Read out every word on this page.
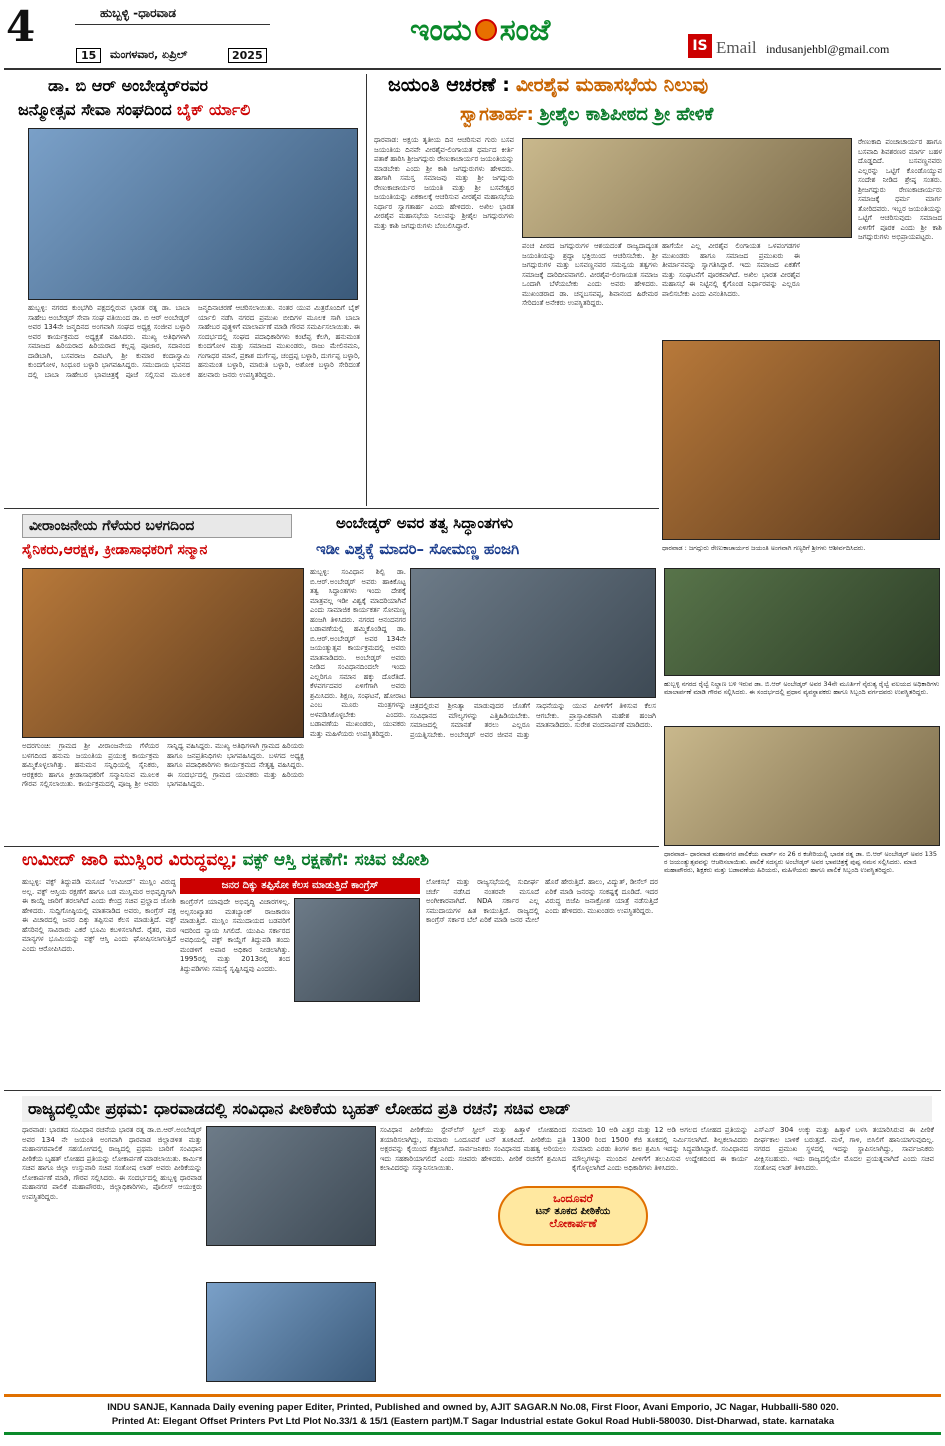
4	ಹುಬ್ಬಳ್ಳಿ -ಧಾರವಾಡ
15	ಮಂಗಳವಾರ, ಏಪ್ರಿಲ್	2025
ಇಂದು ಸಂಜೆ	IS Email indusanjehbl@gmail.com
ಡಾ. ಬಿ ಆರ್ ಅಂಬೇಡ್ಕರ್‌ರವರ
ಜನ್ಮೋತ್ಸವ ಸೇವಾ ಸಂಘದಿಂದ ಬೈಕ್ ರ್ಯಾಲಿ
ಹುಬ್ಬಳ್ಳಿ: ನಗರದ ಕುಂಭಗಿರಿ ಪಕ್ಷದಲ್ಲಿರುವ ಭಾರತ ರತ್ನ ಡಾ. ಬಾಬಾ ಸಾಹೇಬ ಅಂಬೇಡ್ಕರ್ ಸೇವಾ ಸಂಘ ವತಿಯಿಂದ ಡಾ. ಬಿ ಆರ್ ಅಂಬೇಡ್ಕರ್ ಅವರ 134ನೇ ಜನ್ಮದಿನದ ಅಂಗವಾಗಿ ಸಂಘದ ಅಧ್ಯಕ್ಷ ಸಂಜೀವ ಬಳ್ಳಾರಿ ಅವರ ಕಾರ್ಯಕ್ರಮದ ಅಧ್ಯಕ್ಷತೆ ವಹಿಸಿದರು. ಮುಖ್ಯ ಅತಿಥಿಗಳಾಗಿ ಸಮಾಜದ ಹಿರಿಯರಾದ ಹಿರಿಯರಾದ ಕಲ್ಲಪ್ಪ ಪೂಜಾರ, ಸದಾನಂದ ದಾಡಿಬಾಗಿ, ಬಸವರಾಜ ದಿವಟಗಿ, ಶ್ರೀ ಕುಮಾರ ಕಂದಾಸ್ವಾಮಿ ಕುಂದಗೋಳ, ಸಿಂಧೂರ ಬಳ್ಳಾರಿ ಭಾಗವಹಿಸಿದ್ದರು. ಸಮುದಾಯ ಭವನದ ದಲ್ಲಿ ಬಾಬಾ ಸಾಹೇಬರ ಭಾವಚಿತ್ರಕ್ಕೆ ಪೂಜೆ ಸಲ್ಲಿಸುವ ಮೂಲಕ ಜನ್ಮದಿನಾಚರಣೆ ಆಚರಿಸಲಾಯಿತು. ನಂತರ ಯುವ ಮಿತ್ರರೊಂದಿಗೆ ಬೈಕ್ ರ್ಯಾಲಿ ನಡೆಸಿ ನಗರದ ಪ್ರಮುಖ ಬೀದಿಗಳ ಮೂಲಕ ಸಾಗಿ ಬಾಬಾ ಸಾಹೇಬರ ಪುತ್ಥಳಿಗೆ ಮಾಲಾರ್ಪಣೆ ಮಾಡಿ ಗೌರವ ಸಮರ್ಪಿಸಲಾಯಿತು. ಈ ಸಂದರ್ಭದಲ್ಲಿ ಸಂಘದ ಪದಾಧಿಕಾರಿಗಳು ಕಂಟೆಪ್ಪ ಕೆಲಗಿ, ಹನುಮಂತ ಕುಂದಗೋಳ ಮತ್ತು ಸಮಾಜದ ಮುಖಂಡರು, ರಾಜು ಮೇಲಿನಮನಿ, ಗಂಗಾಧರ ಮಾನೆ, ಪ್ರಕಾಶ ದುರ್ಗೆಪ್ಪ, ಚಂದ್ರಪ್ಪ ಬಳ್ಳಾರಿ, ದುರ್ಗಪ್ಪ ಬಳ್ಳಾರಿ, ಹನುಮಂತ ಬಳ್ಳಾರಿ, ಮಾರುತಿ ಬಳ್ಳಾರಿ, ಅಶೋಕ ಬಳ್ಳಾರಿ ಸೇರಿದಂತೆ ಹಲವಾರು ಜನರು ಉಪಸ್ಥಿತರಿದ್ದರು.
ಜಯಂತಿ ಆಚರಣೆ : ವೀರಶೈವ ಮಹಾಸಭೆಯ ನಿಲುವು
ಸ್ವಾಗತಾರ್ಹ: ಶ್ರೀಶೈಲ ಕಾಶಿಪೀಠದ ಶ್ರೀ ಹೇಳಿಕೆ
ಧಾರವಾಡ: ಅಕ್ಷಯ ತೃತೀಯ ದಿನ ಆಚರಿಸುವ ಗುರು ಬಸವ ಜಯಂತಿಯ ದಿನವೇ ವೀರಶೈವ-ಲಿಂಗಾಯತ ಧರ್ಮದ ಕೀರ್ತಿ ಪತಾಕೆ ಹಾರಿಸಿ ಶ್ರೀಜಗದ್ಗುರು ರೇಣುಕಾಚಾರ್ಯರ ಜಯಂತಿಯನ್ನು ಮಾಡಬೇಕು ಎಂದು ಶ್ರೀ ಕಾಶಿ ಜಗದ್ಗುರುಗಳು ಹೇಳಿದರು. ಹಾಗಾಗಿ ಸಮಸ್ತ ಸಮಾಜವು ಮತ್ತು ಶ್ರೀ ಜಗದ್ಗುರು ರೇಣುಕಾಚಾರ್ಯರ ಜಯಂತಿ ಮತ್ತು ಶ್ರೀ ಬಸವೇಶ್ವರ ಜಯಂತಿಯನ್ನು ಏಕಕಾಲಕ್ಕೆ ಆಚರಿಸುವ ವೀರಶೈವ ಮಹಾಸಭೆಯ ನಿರ್ಧಾರ ಸ್ವಾಗತಾರ್ಹ ಎಂದು ಹೇಳಿದರು. ಅಖಿಲ ಭಾರತ ವೀರಶೈವ ಮಹಾಸಭೆಯ ನಿಲುವನ್ನು ಶ್ರೀಶೈಲ ಜಗದ್ಗುರುಗಳು ಮತ್ತು ಕಾಶಿ ಜಗದ್ಗುರುಗಳು ಬೆಂಬಲಿಸಿದ್ದಾರೆ.
ಪಂಚ ಪೀಠದ ಜಗದ್ಗುರುಗಳ ಆಶಯದಂತೆ ರಾಜ್ಯದಾದ್ಯಂತ ಜಯಂತಿಯನ್ನು ಶ್ರದ್ಧಾ ಭಕ್ತಿಯಿಂದ ಆಚರಿಸಬೇಕು. ಶ್ರೀ ಜಗದ್ಗುರುಗಳ ಮತ್ತು ಬಸವಣ್ಣನವರ ಸಮನ್ವಯ ತತ್ವಗಳು ಸಮಾಜಕ್ಕೆ ದಾರಿದೀಪವಾಗಲಿ. ವೀರಶೈವ-ಲಿಂಗಾಯತ ಸಮಾಜ ಒಂದಾಗಿ ಬೆಳೆಯಬೇಕು ಎಂದು ಅವರು ಹೇಳಿದರು. ಮುಖಂಡರಾದ ಡಾ. ಚನ್ನಬಸವಪ್ಪ, ಶಿವಾನಂದ ಹಿರೇಮಠ ಸೇರಿದಂತೆ ಅನೇಕರು ಉಪಸ್ಥಿತರಿದ್ದರು.
ಹಾಗೆಯೇ ಎಲ್ಲ ವೀರಶೈವ ಲಿಂಗಾಯತ ಒಳಪಂಗಡಗಳ ಮುಖಂಡರು ಹಾಗೂ ಸಮಾಜದ ಪ್ರಮುಖರು ಈ ತೀರ್ಮಾನವನ್ನು ಸ್ವಾಗತಿಸಿದ್ದಾರೆ. ಇದು ಸಮಾಜದ ಏಕತೆಗೆ ಮತ್ತು ಸಂಘಟನೆಗೆ ಪೂರಕವಾಗಿದೆ. ಅಖಿಲ ಭಾರತ ವೀರಶೈವ ಮಹಾಸಭೆ ಈ ನಿಟ್ಟಿನಲ್ಲಿ ಕೈಗೊಂಡ ನಿರ್ಧಾರವನ್ನು ಎಲ್ಲರೂ ಪಾಲಿಸಬೇಕು ಎಂದು ವಿನಂತಿಸಿದರು.
ರೇಣುಕಾದಿ ಪಂಚಾಚಾರ್ಯರ ಹಾಗೂ ಬಸವಾದಿ ಶಿವಶರಣರ ಮಾರ್ಗ ಬಹಳ ದೊಡ್ಡದಿದೆ. ಬಸವಣ್ಣನವರು ಎಲ್ಲರನ್ನು ಒಟ್ಟಿಗೆ ಕೊಂಡೊಯ್ಯುವ ಸಂದೇಶ ನೀಡಿದ ಶ್ರೇಷ್ಠ ಸಂತರು. ಶ್ರೀಜಗದ್ಗುರು ರೇಣುಕಾಚಾರ್ಯರು ಸಮಾಜಕ್ಕೆ ಧರ್ಮ ಮಾರ್ಗ ತೋರಿದವರು. ಇಬ್ಬರ ಜಯಂತಿಯನ್ನು ಒಟ್ಟಿಗೆ ಆಚರಿಸುವುದು ಸಮಾಜದ ಏಳಿಗೆಗೆ ಪೂರಕ ಎಂದು ಶ್ರೀ ಕಾಶಿ ಜಗದ್ಗುರುಗಳು ಅಭಿಪ್ರಾಯಪಟ್ಟರು.
ಧಾರವಾಡ : ಜಗದ್ಗುರು ರೇಣುಕಾಚಾರ್ಯರ ಜಯಂತಿ ಅಂಗವಾಗಿ ಗಣ್ಯರಿಗೆ ಶ್ರೀಗಳು ಆಶೀರ್ವದಿಸಿದರು.
ವೀರಾಂಜನೇಯ ಗೆಳೆಯರ ಬಳಗದಿಂದ
ಸೈನಿಕರು,ಆರಕ್ಷಕ, ಕ್ರೀಡಾಸಾಧಕರಿಗೆ ಸನ್ಮಾನ
ಅದರಗುಂಚಿ: ಗ್ರಾಮದ ಶ್ರೀ ವೀರಾಂಜನೇಯ ಗೆಳೆಯರ ಬಳಗದಿಂದ ಹನುಮ ಜಯಂತಿಯ ಪ್ರಯುಕ್ತ ಕಾರ್ಯಕ್ರಮ ಹಮ್ಮಿಕೊಳ್ಳಲಾಗಿತ್ತು. ಹನುಮನ ಸನ್ನಿಧಿಯಲ್ಲಿ ಸೈನಿಕರು, ಆರಕ್ಷಕರು ಹಾಗೂ ಕ್ರೀಡಾಸಾಧಕರಿಗೆ ಸನ್ಮಾನಿಸುವ ಮೂಲಕ ಗೌರವ ಸಲ್ಲಿಸಲಾಯಿತು. ಕಾರ್ಯಕ್ರಮದಲ್ಲಿ ಪೂಜ್ಯ ಶ್ರೀ ಅವರು ಸಾನ್ನಿಧ್ಯ ವಹಿಸಿದ್ದರು. ಮುಖ್ಯ ಅತಿಥಿಗಳಾಗಿ ಗ್ರಾಮದ ಹಿರಿಯರು ಹಾಗೂ ಜನಪ್ರತಿನಿಧಿಗಳು ಭಾಗವಹಿಸಿದ್ದರು. ಬಳಗದ ಅಧ್ಯಕ್ಷ ಹಾಗೂ ಪದಾಧಿಕಾರಿಗಳು ಕಾರ್ಯಕ್ರಮದ ನೇತೃತ್ವ ವಹಿಸಿದ್ದರು. ಈ ಸಂದರ್ಭದಲ್ಲಿ ಗ್ರಾಮದ ಯುವಕರು ಮತ್ತು ಹಿರಿಯರು ಭಾಗವಹಿಸಿದ್ದರು.
ಅಂಬೇಡ್ಕರ್ ಅವರ ತತ್ವ ಸಿದ್ಧಾಂತಗಳು
ಇಡೀ ವಿಶ್ವಕ್ಕೆ ಮಾದರಿ– ಸೋಮಣ್ಣ ಹಂಜಗಿ
ಹುಬ್ಬಳ್ಳಿ: ಸಂವಿಧಾನ ಶಿಲ್ಪಿ ಡಾ. ಬಿ.ಆರ್.ಅಂಬೇಡ್ಕರ್ ಅವರು ಹಾಕಿಕೊಟ್ಟ ತತ್ವ ಸಿದ್ಧಾಂತಗಳು ಇಂದು ದೇಶಕ್ಕೆ ಮಾತ್ರವಲ್ಲ ಇಡೀ ವಿಶ್ವಕ್ಕೆ ಮಾದರಿಯಾಗಿವೆ ಎಂದು ಸಾಮಾಜಿಕ ಕಾರ್ಯಕರ್ತ ಸೋಮಣ್ಣ ಹಂಜಗಿ ತಿಳಿಸಿದರು. ನಗರದ ಆನಂದನಗರ ಬಡಾವಣೆಯಲ್ಲಿ ಹಮ್ಮಿಕೊಂಡಿದ್ದ ಡಾ. ಬಿ.ಆರ್.ಅಂಬೇಡ್ಕರ್ ಅವರ 134ನೇ ಜಯಂತ್ಯುತ್ಸವ ಕಾರ್ಯಕ್ರಮದಲ್ಲಿ ಅವರು ಮಾತನಾಡಿದರು. ಅಂಬೇಡ್ಕರ್ ಅವರು ನೀಡಿದ ಸಂವಿಧಾನದಿಂದಲೇ ಇಂದು ಎಲ್ಲರಿಗೂ ಸಮಾನ ಹಕ್ಕು ದೊರೆತಿದೆ. ಕೆಳವರ್ಗದವರ ಏಳಿಗೆಗಾಗಿ ಅವರು ಶ್ರಮಿಸಿದರು. ಶಿಕ್ಷಣ, ಸಂಘಟನೆ, ಹೋರಾಟ ಎಂಬ ಮೂರು ಮಂತ್ರಗಳನ್ನು ಅಳವಡಿಸಿಕೊಳ್ಳಬೇಕು ಎಂದರು. ಬಡಾವಣೆಯ ಮುಖಂಡರು, ಯುವಕರು ಮತ್ತು ಮಹಿಳೆಯರು ಉಪಸ್ಥಿತರಿದ್ದರು.
ಚಿತ್ರದಲ್ಲಿರುವ ಶ್ರೀನಿತ್ಯಾ ಮಾಡುವುದರ ಜೊತೆಗೆ ಸಂವಿಧಾನದ ಮೌಲ್ಯಗಳನ್ನು ಎತ್ತಿಹಿಡಿಯಬೇಕು. ಸಮಾಜದಲ್ಲಿ ಸಮಾನತೆ ತರಲು ಎಲ್ಲರೂ ಪ್ರಯತ್ನಿಸಬೇಕು. ಅಂಬೇಡ್ಕರ್ ಅವರ ಜೀವನ ಮತ್ತು ಸಾಧನೆಯನ್ನು ಯುವ ಪೀಳಿಗೆಗೆ ತಿಳಿಸುವ ಕೆಲಸ ಆಗಬೇಕು. ಪ್ರಾಸ್ತಾವಿಕವಾಗಿ ಮಹೇಶ ಹಂಜಗಿ ಮಾತನಾಡಿದರು. ಸುರೇಶ ವಂದನಾರ್ಪಣೆ ಮಾಡಿದರು.
ಹುಬ್ಬಳ್ಳಿ ನಗರದ ರೈಲ್ವೆ ನಿಲ್ದಾಣ ಬಳಿ ಇರುವ ಡಾ. ಬಿ.ಆರ್ ಅಂಬೇಡ್ಕರ್ ಅವರ 34ನೇ ಮೂರ್ತಿಗೆ ನೈರುತ್ಯ ರೈಲ್ವೆ ವಲಯದ ಅಧಿಕಾರಿಗಳು ಮಾಲಾರ್ಪಣೆ ಮಾಡಿ ಗೌರವ ಸಲ್ಲಿಸಿದರು. ಈ ಸಂದರ್ಭದಲ್ಲಿ ಪ್ರಧಾನ ವ್ಯವಸ್ಥಾಪಕರು ಹಾಗೂ ಸಿಬ್ಬಂದಿ ವರ್ಗದವರು ಉಪಸ್ಥಿತರಿದ್ದರು.
ಧಾರವಾಡ– ಧಾರವಾಡ ಮಹಾನಗರ ಪಾಲಿಕೆಯ ವಾರ್ಡ್ ನಂ 26 ರ ಕಚೇರಿಯಲ್ಲಿ ಭಾರತ ರತ್ನ ಡಾ. ಬಿ.ಆರ್ ಅಂಬೇಡ್ಕರ್ ಅವರ 135 ರ ಜಯಂತ್ಯುತ್ಸವವನ್ನು ಆಚರಿಸಲಾಯಿತು. ಪಾಲಿಕೆ ಸದಸ್ಯರು ಅಂಬೇಡ್ಕರ್ ಅವರ ಭಾವಚಿತ್ರಕ್ಕೆ ಪುಷ್ಪ ನಮನ ಸಲ್ಲಿಸಿದರು. ಮಾಜಿ ಮಹಾಪೌರರು, ಶಿಕ್ಷಕರು ಮತ್ತು ಬಡಾವಣೆಯ ಹಿರಿಯರು, ಮಹಿಳೆಯರು ಹಾಗೂ ಪಾಲಿಕೆ ಸಿಬ್ಬಂದಿ ಉಪಸ್ಥಿತರಿದ್ದರು.
ಉಮೀದ್ ಜಾರಿ ಮುಸ್ಲಿಂರ ವಿರುದ್ಧವಲ್ಲ; ವಕ್ಫ್ ಆಸ್ತಿ ರಕ್ಷಣೆಗೆ: ಸಚಿವ ಜೋಶಿ
ಜನರ ದಿಕ್ಕು ತಪ್ಪಿಸೋ ಕೆಲಸ ಮಾಡುತ್ತಿದೆ ಕಾಂಗ್ರೆಸ್
ಹುಬ್ಬಳ್ಳಿ: ವಕ್ಫ್ ತಿದ್ದುಪಡಿ ಮಸೂದೆ 'ಉಮೀದ್' ಮುಸ್ಲಿಂ ವಿರುದ್ಧ ಅಲ್ಲ. ವಕ್ಫ್ ಆಸ್ತಿಯ ರಕ್ಷಣೆಗೆ ಹಾಗೂ ಬಡ ಮುಸ್ಲಿಮರ ಅಭಿವೃದ್ಧಿಗಾಗಿ ಈ ಕಾಯ್ದೆ ಜಾರಿಗೆ ತರಲಾಗಿದೆ ಎಂದು ಕೇಂದ್ರ ಸಚಿವ ಪ್ರಲ್ಹಾದ ಜೋಶಿ ಹೇಳಿದರು. ಸುದ್ದಿಗೋಷ್ಠಿಯಲ್ಲಿ ಮಾತನಾಡಿದ ಅವರು, ಕಾಂಗ್ರೆಸ್ ಪಕ್ಷ ಈ ವಿಚಾರದಲ್ಲಿ ಜನರ ದಿಕ್ಕು ತಪ್ಪಿಸುವ ಕೆಲಸ ಮಾಡುತ್ತಿದೆ. ವಕ್ಫ್ ಹೆಸರಿನಲ್ಲಿ ಸಾವಿರಾರು ಎಕರೆ ಭೂಮಿ ಕಬಳಿಸಲಾಗಿದೆ. ರೈತರ, ಮಠ ಮಾನ್ಯಗಳ ಭೂಮಿಯನ್ನು ವಕ್ಫ್ ಆಸ್ತಿ ಎಂದು ಘೋಷಿಸಲಾಗುತ್ತಿದೆ ಎಂದು ಆರೋಪಿಸಿದರು.
ಕಾಂಗ್ರೆಸ್‌ಗೆ ಯಾವುದೇ ಅಭಿವೃದ್ಧಿ ವಿಚಾರಗಳಿಲ್ಲ. ಅಲ್ಪಸಂಖ್ಯಾತರ ಮತಬ್ಯಾಂಕ್ ರಾಜಕಾರಣ ಮಾಡುತ್ತಿದೆ. ಮುಸ್ಲಿಂ ಸಮುದಾಯದ ಬಡವರಿಗೆ ಇದರಿಂದ ನ್ಯಾಯ ಸಿಗಲಿದೆ. ಯುಪಿಎ ಸರ್ಕಾರದ ಅವಧಿಯಲ್ಲಿ ವಕ್ಫ್ ಕಾಯ್ದೆಗೆ ತಿದ್ದುಪಡಿ ತಂದು ಮಂಡಳಿಗೆ ಅಪಾರ ಅಧಿಕಾರ ನೀಡಲಾಗಿತ್ತು. 1995ರಲ್ಲಿ ಮತ್ತು 2013ರಲ್ಲಿ ತಂದ ತಿದ್ದುಪಡಿಗಳು ಸಮಸ್ಯೆ ಸೃಷ್ಟಿಸಿದ್ದವು ಎಂದರು.
ಲೋಕಸಭೆ ಮತ್ತು ರಾಜ್ಯಸಭೆಯಲ್ಲಿ ಸುದೀರ್ಘ ಚರ್ಚೆ ನಡೆಸಿದ ನಂತರವೇ ಮಸೂದೆ ಅಂಗೀಕಾರವಾಗಿದೆ. NDA ಸರ್ಕಾರ ಎಲ್ಲ ಸಮುದಾಯಗಳ ಹಿತ ಕಾಯುತ್ತಿದೆ. ರಾಜ್ಯದಲ್ಲಿ ಕಾಂಗ್ರೆಸ್ ಸರ್ಕಾರ ಬೆಲೆ ಏರಿಕೆ ಮಾಡಿ ಜನರ ಮೇಲೆ ಹೊರೆ ಹೇರುತ್ತಿದೆ. ಹಾಲು, ವಿದ್ಯುತ್, ಡೀಸೆಲ್ ದರ ಏರಿಕೆ ಮಾಡಿ ಜನರನ್ನು ಸಂಕಷ್ಟಕ್ಕೆ ದೂಡಿದೆ. ಇದರ ವಿರುದ್ಧ ಬಿಜೆಪಿ ಜನಾಕ್ರೋಶ ಯಾತ್ರೆ ನಡೆಸುತ್ತಿದೆ ಎಂದು ಹೇಳಿದರು. ಮುಖಂಡರು ಉಪಸ್ಥಿತರಿದ್ದರು.
ರಾಜ್ಯದಲ್ಲಿಯೇ ಪ್ರಥಮ: ಧಾರವಾಡದಲ್ಲಿ ಸಂವಿಧಾನ ಪೀಠಿಕೆಯ ಬೃಹತ್ ಲೋಹದ ಪ್ರತಿ ರಚನೆ; ಸಚಿವ ಲಾಡ್
ಧಾರವಾಡ: ಭಾರತದ ಸಂವಿಧಾನ ರಚನೆಯ ಭಾರತ ರತ್ನ ಡಾ.ಬಿ.ಆರ್.ಅಂಬೇಡ್ಕರ್ ಅವರ 134 ನೇ ಜಯಂತಿ ಅಂಗವಾಗಿ ಧಾರವಾಡ ಜಿಲ್ಲಾಡಳಿತ ಮತ್ತು ಮಹಾನಗರಪಾಲಿಕೆ ಸಹಯೋಗದಲ್ಲಿ ರಾಜ್ಯದಲ್ಲಿ ಪ್ರಥಮ ಬಾರಿಗೆ ಸಂವಿಧಾನ ಪೀಠಿಕೆಯ ಬೃಹತ್ ಲೋಹದ ಪ್ರತಿಯನ್ನು ಲೋಕಾರ್ಪಣೆ ಮಾಡಲಾಯಿತು. ಕಾರ್ಮಿಕ ಸಚಿವ ಹಾಗೂ ಜಿಲ್ಲಾ ಉಸ್ತುವಾರಿ ಸಚಿವ ಸಂತೋಷ ಲಾಡ್ ಅವರು ಪೀಠಿಕೆಯನ್ನು ಲೋಕಾರ್ಪಣೆ ಮಾಡಿ, ಗೌರವ ಸಲ್ಲಿಸಿದರು. ಈ ಸಂದರ್ಭದಲ್ಲಿ ಹುಬ್ಬಳ್ಳಿ ಧಾರವಾಡ ಮಹಾನಗರ ಪಾಲಿಕೆ ಮಹಾಪೌರರು, ಜಿಲ್ಲಾಧಿಕಾರಿಗಳು, ಪೊಲೀಸ್ ಆಯುಕ್ತರು ಉಪಸ್ಥಿತರಿದ್ದರು.
ಸಂವಿಧಾನ ಪೀಠಿಕೆಯು ಸ್ಟೇನ್‌ಲೆಸ್ ಸ್ಟೀಲ್ ಮತ್ತು ಹಿತ್ತಾಳೆ ಲೋಹದಿಂದ ತಯಾರಿಸಲಾಗಿದ್ದು, ಸುಮಾರು ಒಂದೂವರೆ ಟನ್ ತೂಕವಿದೆ. ಪೀಠಿಕೆಯ ಪ್ರತಿ ಅಕ್ಷರವನ್ನು ಕೈಯಿಂದ ಕೆತ್ತಲಾಗಿದೆ. ಸಾರ್ವಜನಿಕರು ಸಂವಿಧಾನದ ಮಹತ್ವ ಅರಿಯಲು ಇದು ಸಹಕಾರಿಯಾಗಲಿದೆ ಎಂದು ಸಚಿವರು ಹೇಳಿದರು. ಪೀಠಿಕೆ ರಚನೆಗೆ ಶ್ರಮಿಸಿದ ಕಲಾವಿದರನ್ನು ಸನ್ಮಾನಿಸಲಾಯಿತು.
ಒಂದೂವರೆ
ಟನ್ ತೂಕದ ಪೀಠಿಕೆಯ
ಲೋಕಾರ್ಪಣೆ
ಸುಮಾರು 10 ಅಡಿ ಎತ್ತರ ಮತ್ತು 12 ಅಡಿ ಅಗಲದ ಲೋಹದ ಪ್ರತಿಯನ್ನು 1300 ರಿಂದ 1500 ಕೆಜಿ ತೂಕದಲ್ಲಿ ನಿರ್ಮಿಸಲಾಗಿದೆ. ಶಿಲ್ಪಕಲಾವಿದರು ಸುಮಾರು ಎರಡು ತಿಂಗಳ ಕಾಲ ಶ್ರಮಿಸಿ ಇದನ್ನು ಸಿದ್ಧಪಡಿಸಿದ್ದಾರೆ. ಸಂವಿಧಾನದ ಮೌಲ್ಯಗಳನ್ನು ಮುಂದಿನ ಪೀಳಿಗೆಗೆ ತಲುಪಿಸುವ ಉದ್ದೇಶದಿಂದ ಈ ಕಾರ್ಯ ಕೈಗೊಳ್ಳಲಾಗಿದೆ ಎಂದು ಅಧಿಕಾರಿಗಳು ತಿಳಿಸಿದರು.
ಎಸ್ಎಸ್ 304 ಉಕ್ಕು ಮತ್ತು ಹಿತ್ತಾಳೆ ಬಳಸಿ ತಯಾರಿಸಿರುವ ಈ ಪೀಠಿಕೆ ದೀರ್ಘಕಾಲ ಬಾಳಿಕೆ ಬರುತ್ತದೆ. ಮಳೆ, ಗಾಳಿ, ಬಿಸಿಲಿಗೆ ಹಾನಿಯಾಗುವುದಿಲ್ಲ. ನಗರದ ಪ್ರಮುಖ ಸ್ಥಳದಲ್ಲಿ ಇದನ್ನು ಸ್ಥಾಪಿಸಲಾಗಿದ್ದು, ಸಾರ್ವಜನಿಕರು ವೀಕ್ಷಿಸಬಹುದು. ಇದು ರಾಜ್ಯದಲ್ಲಿಯೇ ಮೊದಲ ಪ್ರಯತ್ನವಾಗಿದೆ ಎಂದು ಸಚಿವ ಸಂತೋಷ ಲಾಡ್ ತಿಳಿಸಿದರು.
INDU SANJE, Kannada Daily evening paper Editer, Printed, Published and owned by, AJIT SAGAR.N No.08, First Floor, Avani Emporio, JC Nagar, Hubballi-580 020.
Printed At: Elegant Offset Printers Pvt Ltd Plot No.33/1 & 15/1 (Eastern part)M.T Sagar Industrial estate Gokul Road Hubli-580030. Dist-Dharwad, state. karnataka
